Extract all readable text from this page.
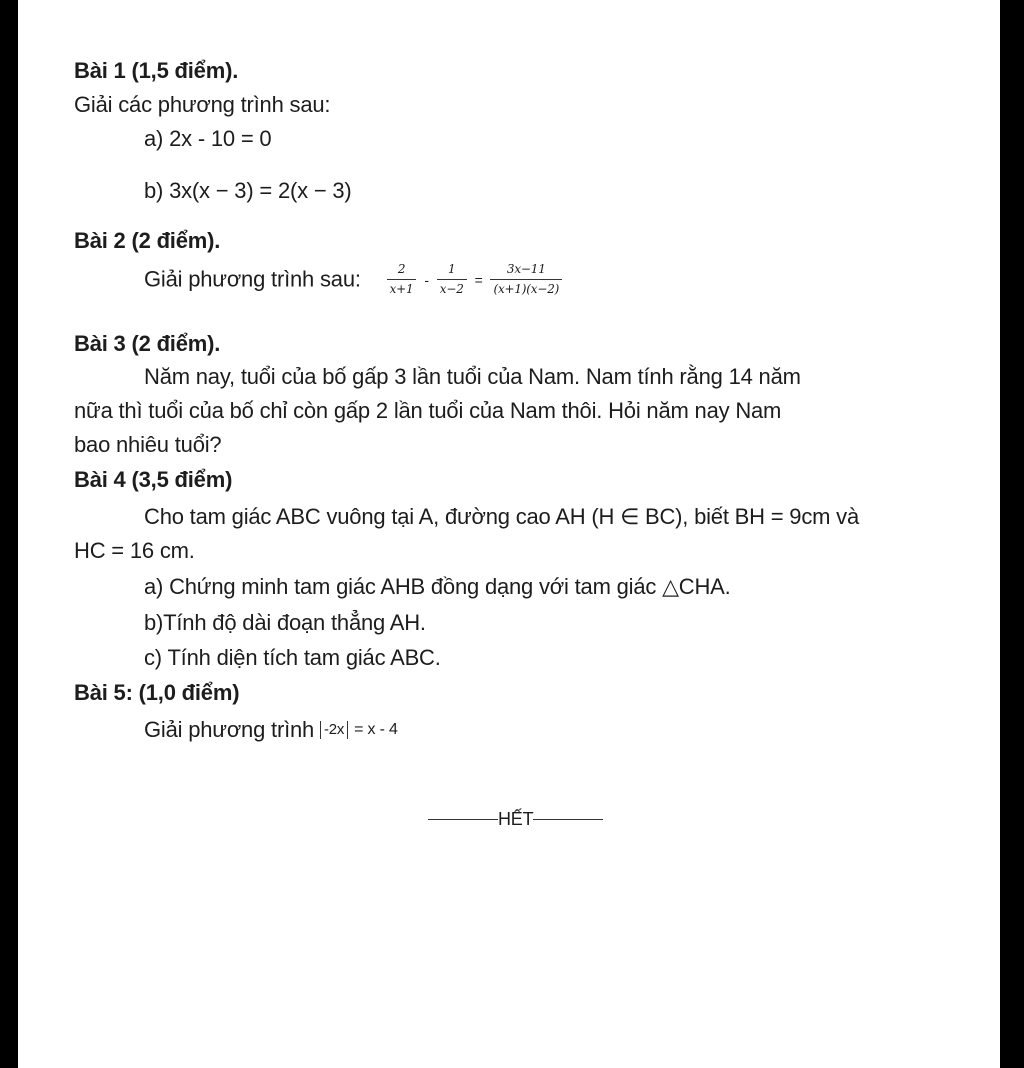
Bài 1 (1,5 điểm).
Giải các phương trình sau:
a) 2x - 10 = 0
b) 3x(x − 3) = 2(x − 3)
Bài 2 (2 điểm).
Giải phương trình sau: $\frac{2}{x+1} - \frac{1}{x-2} = \frac{3x-11}{(x+1)(x-2)}$
Bài 3 (2 điểm).
Năm nay, tuổi của bố gấp 3 lần tuổi của Nam. Nam tính rằng 14 năm
nữa thì tuổi của bố chỉ còn gấp 2 lần tuổi của Nam thôi. Hỏi năm nay Nam
bao nhiêu tuổi?
Bài 4 (3,5 điểm)
Cho tam giác ABC vuông tại A, đường cao AH (H ∈ BC), biết BH = 9cm và
HC = 16 cm.
a) Chứng minh tam giác AHB đồng dạng với tam giác △CHA.
b)Tính độ dài đoạn thẳng AH.
c) Tính diện tích tam giác ABC.
Bài 5: (1,0 điểm)
Giải phương trình -2x = x - 4
HẾT
